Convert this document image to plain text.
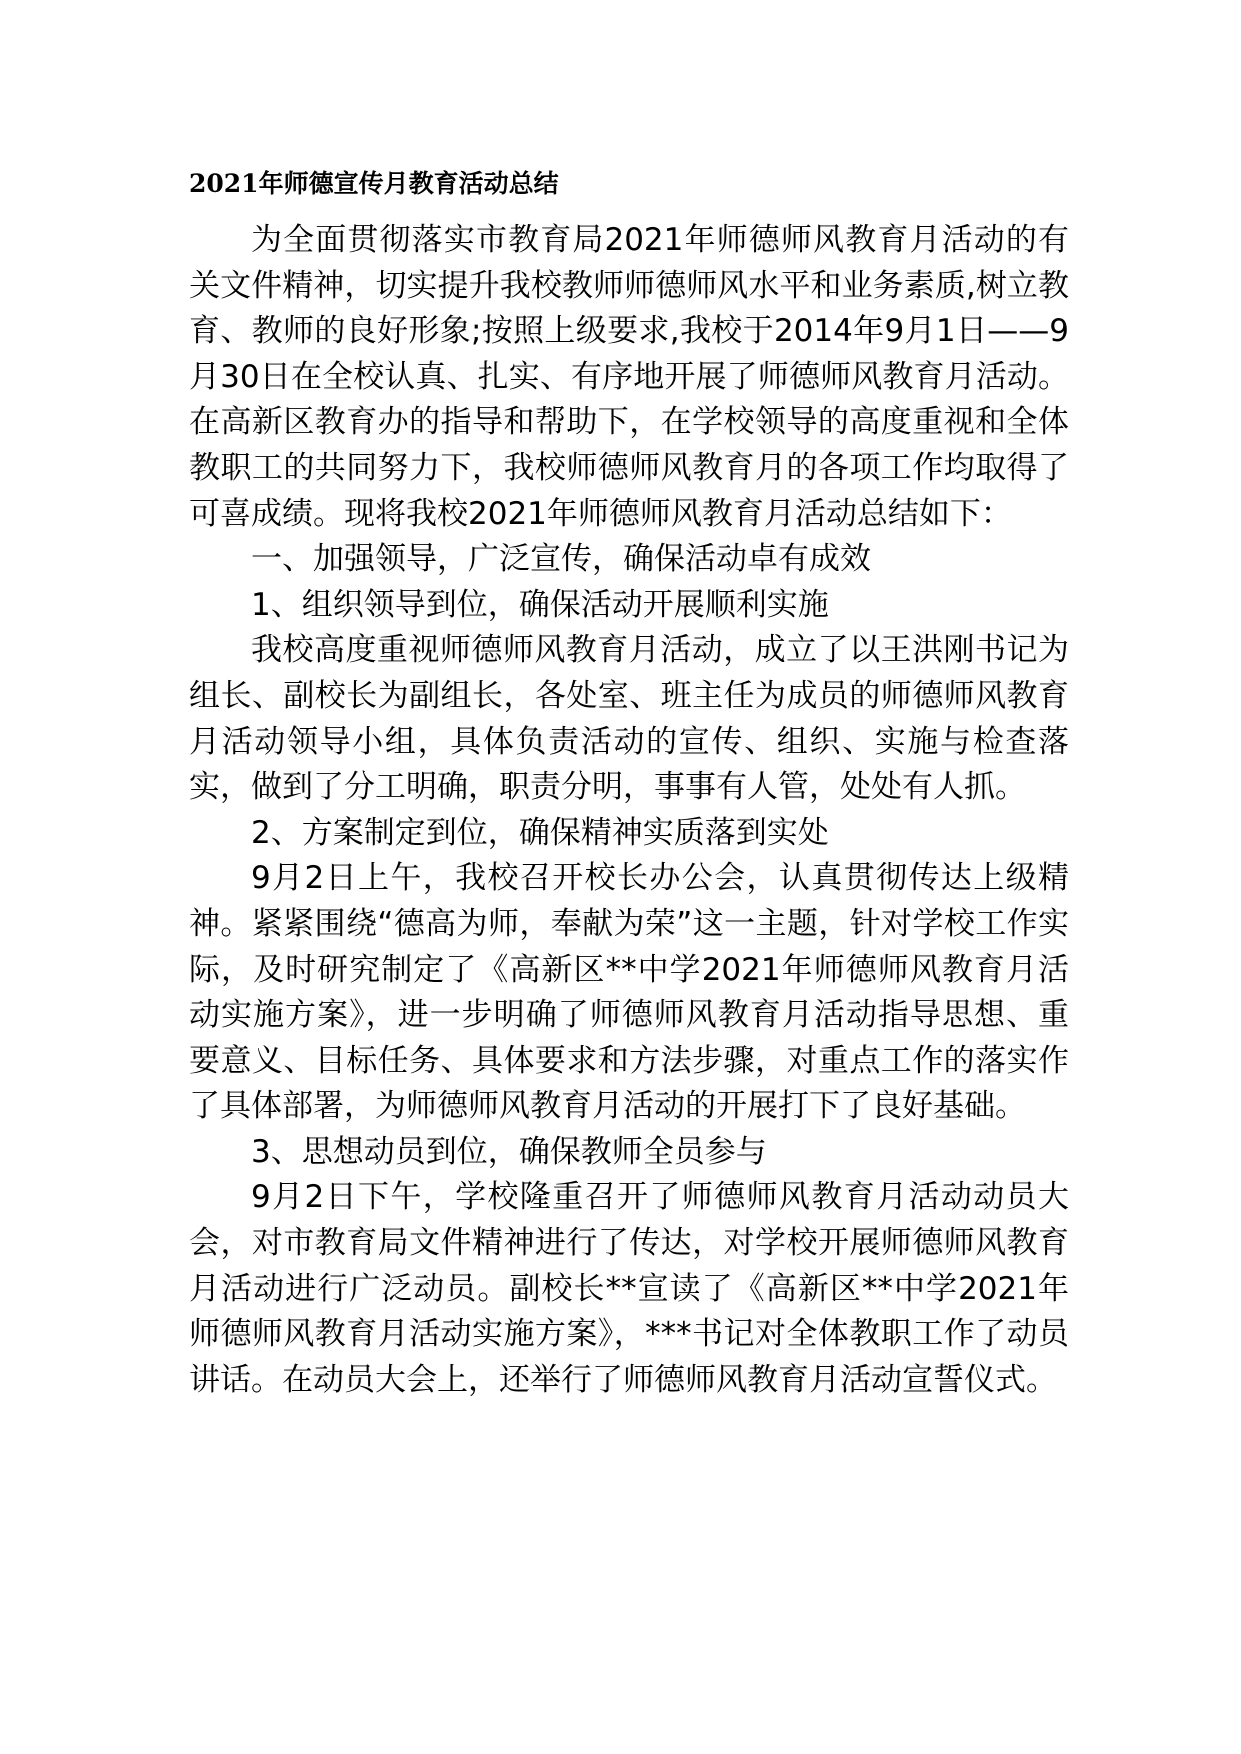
2021年师德宣传月教育活动总结

为全面贯彻落实市教育局2021年师德师风教育月活动的有关文件精神，切实提升我校教师师德师风水平和业务素质,树立教育、教师的良好形象;按照上级要求,我校于2014年9月1日——9月30日在全校认真、扎实、有序地开展了师德师风教育月活动。在高新区教育办的指导和帮助下，在学校领导的高度重视和全体教职工的共同努力下，我校师德师风教育月的各项工作均取得了可喜成绩。现将我校2021年师德师风教育月活动总结如下：

一、加强领导，广泛宣传，确保活动卓有成效

1、组织领导到位，确保活动开展顺利实施

我校高度重视师德师风教育月活动，成立了以王洪刚书记为组长、副校长为副组长，各处室、班主任为成员的师德师风教育月活动领导小组，具体负责活动的宣传、组织、实施与检查落实，做到了分工明确，职责分明，事事有人管，处处有人抓。

2、方案制定到位，确保精神实质落到实处

9月2日上午，我校召开校长办公会，认真贯彻传达上级精神。紧紧围绕“德高为师，奉献为荣”这一主题，针对学校工作实际，及时研究制定了《高新区**中学2021年师德师风教育月活动实施方案》，进一步明确了师德师风教育月活动指导思想、重要意义、目标任务、具体要求和方法步骤，对重点工作的落实作了具体部署，为师德师风教育月活动的开展打下了良好基础。

3、思想动员到位，确保教师全员参与

9月2日下午，学校隆重召开了师德师风教育月活动动员大会，对市教育局文件精神进行了传达，对学校开展师德师风教育月活动进行广泛动员。副校长**宣读了《高新区**中学2021年师德师风教育月活动实施方案》，***书记对全体教职工作了动员讲话。在动员大会上，还举行了师德师风教育月活动宣誓仪式。
